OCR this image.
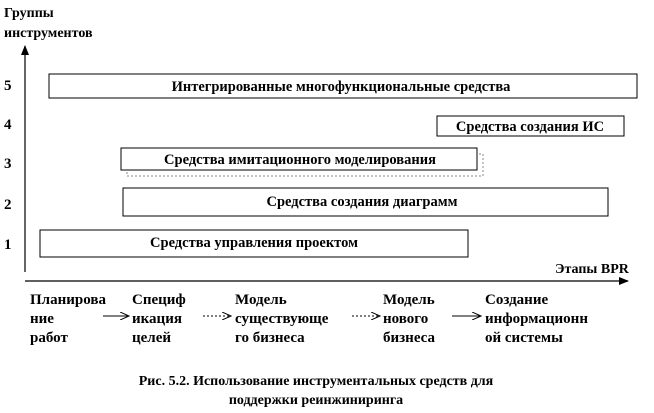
Группы
инструментов
Этапы BPR
5
4
3
2
1
Интегрированные многофункциональные средства
Средства создания ИС
Средства имитационного моделирования
Средства создания диаграмм
Средства управления проектом
Планирова
ние
работ
Специф
икация
целей
Модель
существующе
го бизнеса
Модель
нового
бизнеса
Создание
информационн
ой системы
Рис. 5.2. Использование инструментальных средств для
поддержки реинжиниринга
